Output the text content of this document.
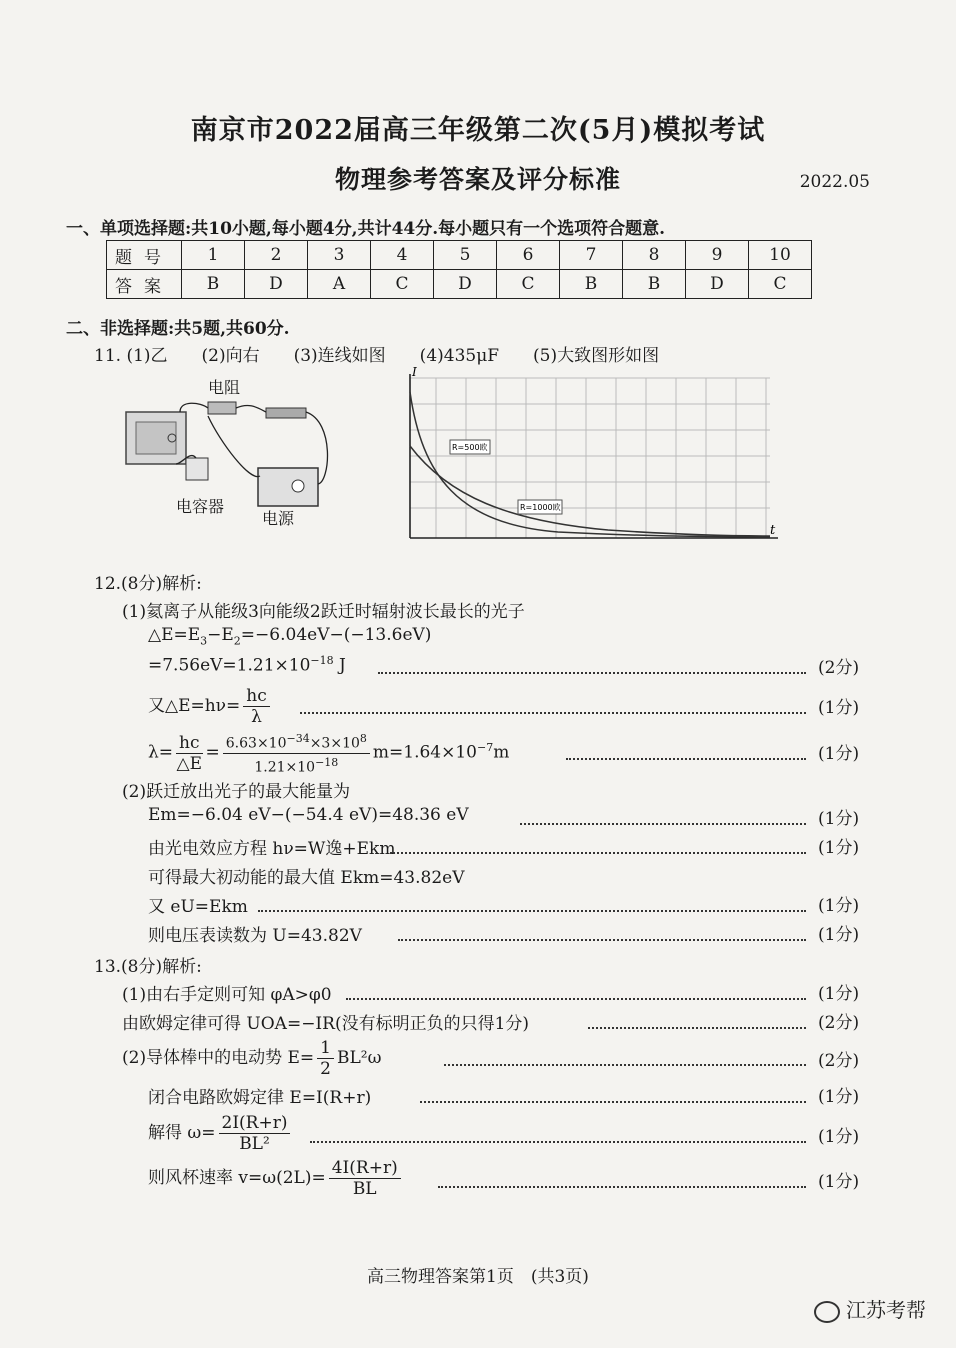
南京市2022届高三年级第二次(5月)模拟考试
物理参考答案及评分标准	2022.05
一、单项选择题:共10小题,每小题4分,共计44分.每小题只有一个选项符合题意.
题号	1	2	3	4	5	6	7	8	9	10
答案	B	D	A	C	D	C	B	B	D	C
二、非选择题:共5题,共60分.
11. (1)乙　　(2)向右　　(3)连线如图　　(4)435μF　　(5)大致图形如图
电阻
电容器
电源
R=500欧
R=1000欧
I
t
12.(8分)解析:
(1)氦离子从能级3向能级2跃迁时辐射波长最长的光子
$\triangle E=E_3-E_2=-6.04eV-(-13.6eV)$
$=7.56eV=1.21\times 10^{-18}$ J	(2分)
又△E=hν= $\frac{hc}{\lambda}$	(1分)
$\lambda= \frac{hc}{\triangle E} = \frac{6.63\times 10^{-34}\times 3\times 10^8}{1.21\times 10^{-18}} m=1.64\times 10^{-7}m$	(1分)
(2)跃迁放出光子的最大能量为
Em=−6.04 eV−(−54.4 eV)=48.36 eV	(1分)
由光电效应方程 hν=W逸+Ekm	(1分)
可得最大初动能的最大值 Ekm=43.82eV
又 eU=Ekm	(1分)
则电压表读数为 U=43.82V	(1分)
13.(8分)解析:
(1)由右手定则可知 φA>φ0	(1分)
由欧姆定律可得 UOA=−IR(没有标明正负的只得1分)	(2分)
(2)导体棒中的电动势 $E= \frac{1}{2} BL^2\omega$	(2分)
闭合电路欧姆定律 E=I(R+r)	(1分)
解得 $\omega= \frac{2I(R+r)}{\text{BL²}}$	(1分)
则风杯速率 $v=\omega(2L)= \frac{4I(R+r)}{BL}$	(1分)
高三物理答案第1页　(共3页)
江苏考帮
